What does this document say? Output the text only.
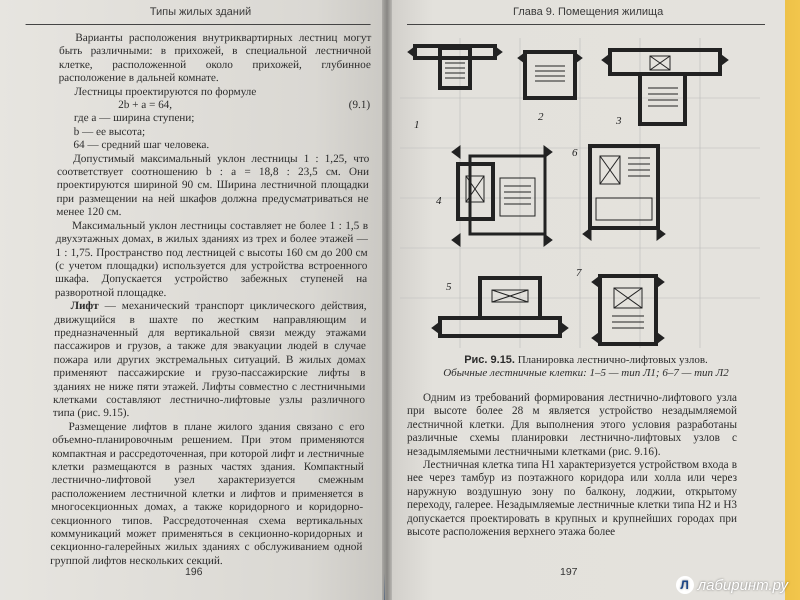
Типы жилых зданий

Варианты расположения внутриквартирных лестниц могут быть различными: в прихожей, в специальной лестничной клетке, расположенной около прихожей, глубинное расположение в дальней комнате.

Лестницы проектируются по формуле

2b + a = 64,	(9.1)

где a — ширина ступени;

b — ее высота;

64 — средний шаг человека.

Допустимый максимальный уклон лестницы 1 : 1,25, что соответствует соотношению b : a = 18,8 : 23,5 см. Они проектируются шириной 90 см. Ширина лестничной площадки при размещении на ней шкафов должна предусматриваться не менее 120 см.

Максимальный уклон лестницы составляет не более 1 : 1,5 в двухэтажных домах, в жилых зданиях из трех и более этажей — 1 : 1,75. Пространство под лестницей с высоты 160 см до 200 см (с учетом площадки) используется для устройства встроенного шкафа. Допускается устройство забежных ступеней на разворотной площадке.

Лифт — механический транспорт циклического действия, движущийся в шахте по жестким направляющим и предназначенный для вертикальной связи между этажами пассажиров и грузов, а также для эвакуации людей в случае пожара или других экстремальных ситуаций. В жилых домах применяют пассажирские и грузо-пассажирские лифты в зданиях не ниже пяти этажей. Лифты совместно с лестничными клетками составляют лестнично-лифтовые узлы различного типа (рис. 9.15).

Размещение лифтов в плане жилого здания связано с его объемно-планировочным решением. При этом применяются компактная и рассредоточенная, при которой лифт и лестничные клетки размещаются в разных частях здания. Компактный лестнично-лифтовой узел характеризуется смежным расположением лестничной клетки и лифтов и применяется в многосекционных домах, а также коридорного и коридорно-секционного типов. Рассредоточенная схема вертикальных коммуникаций может применяться в секционно-коридорных и секционно-галерейных жилых зданиях с обслуживанием одной группой лифтов нескольких секций.

196
Глава 9. Помещения жилища
Рис. 9.15. Планировка лестнично-лифтовых узлов.
Обычные лестничные клетки: 1–5 — тип Л1; 6–7 — тип Л2

Одним из требований формирования лестнично-лифтового узла при высоте более 28 м является устройство незадымляемой лестничной клетки. Для выполнения этого условия разработаны различные схемы планировки лестнично-лифтовых узлов с незадымляемыми лестничными клетками (рис. 9.16).

Лестничная клетка типа Н1 характеризуется устройством входа в нее через тамбур из поэтажного коридора или холла или через наружную воздушную зону по балкону, лоджии, открытому переходу, галерее. Незадымляемые лестничные клетки типа Н2 и Н3 допускается проектировать в крупных и крупнейших городах при высоте расположения верхнего этажа более

197
1
2	3
4
5
6
7
Л лабиринт.ру
